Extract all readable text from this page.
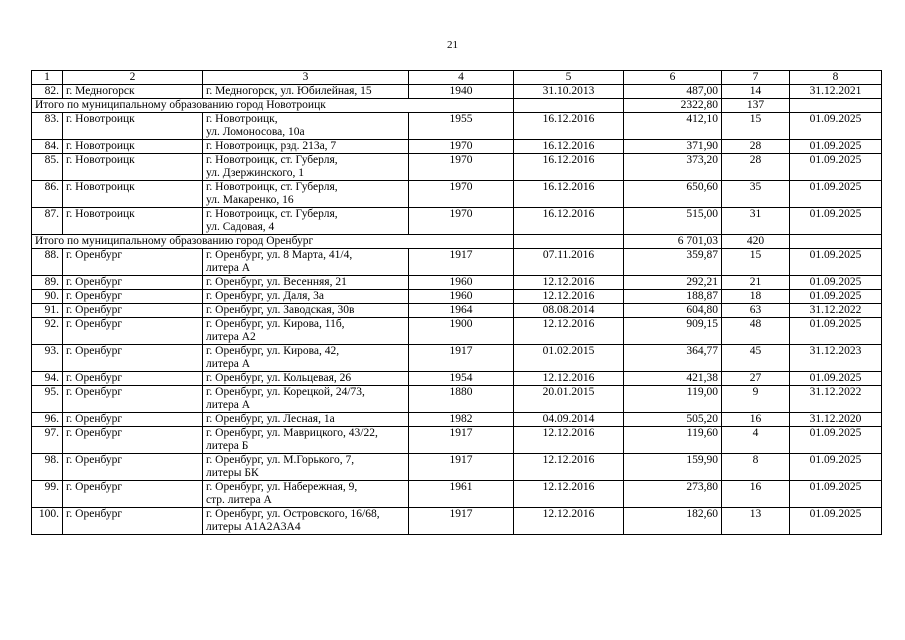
21
1	2	3	4	5	6	7	8
82.	г. Медногорск	г. Медногорск, ул. Юбилейная, 15	1940	31.10.2013	487,00	14	31.12.2021
Итого по муниципальному образованию город Новотроицк					2322,80	137	
83.	г. Новотроицк	г. Новотроицк,
ул. Ломоносова, 10а	1955	16.12.2016	412,10	15	01.09.2025
84.	г. Новотроицк	г. Новотроицк, рзд. 213а, 7	1970	16.12.2016	371,90	28	01.09.2025
85.	г. Новотроицк	г. Новотроицк, ст. Губерля,
ул. Дзержинского, 1	1970	16.12.2016	373,20	28	01.09.2025
86.	г. Новотроицк	г. Новотроицк, ст. Губерля,
ул. Макаренко, 16	1970	16.12.2016	650,60	35	01.09.2025
87.	г. Новотроицк	г. Новотроицк, ст. Губерля,
ул. Садовая, 4	1970	16.12.2016	515,00	31	01.09.2025
Итого по муниципальному образованию город Оренбург					6 701,03	420	
88.	г. Оренбург	г. Оренбург, ул. 8 Марта, 41/4,
литера А	1917	07.11.2016	359,87	15	01.09.2025
89.	г. Оренбург	г. Оренбург, ул. Весенняя, 21	1960	12.12.2016	292,21	21	01.09.2025
90.	г. Оренбург	г. Оренбург, ул. Даля, 3а	1960	12.12.2016	188,87	18	01.09.2025
91.	г. Оренбург	г. Оренбург, ул. Заводская, 30в	1964	08.08.2014	604,80	63	31.12.2022
92.	г. Оренбург	г. Оренбург, ул. Кирова, 11б,
литера А2	1900	12.12.2016	909,15	48	01.09.2025
93.	г. Оренбург	г. Оренбург, ул. Кирова, 42,
литера А	1917	01.02.2015	364,77	45	31.12.2023
94.	г. Оренбург	г. Оренбург, ул. Кольцевая, 26	1954	12.12.2016	421,38	27	01.09.2025
95.	г. Оренбург	г. Оренбург, ул. Корецкой, 24/73,
литера А	1880	20.01.2015	119,00	9	31.12.2022
96.	г. Оренбург	г. Оренбург, ул. Лесная, 1а	1982	04.09.2014	505,20	16	31.12.2020
97.	г. Оренбург	г. Оренбург, ул. Маврицкого, 43/22,
литера Б	1917	12.12.2016	119,60	4	01.09.2025
98.	г. Оренбург	г. Оренбург, ул. М.Горького, 7,
литеры БК	1917	12.12.2016	159,90	8	01.09.2025
99.	г. Оренбург	г. Оренбург, ул. Набережная, 9,
стр. литера А	1961	12.12.2016	273,80	16	01.09.2025
100.	г. Оренбург	г. Оренбург, ул. Островского, 16/68,
литеры А1А2А3А4	1917	12.12.2016	182,60	13	01.09.2025
